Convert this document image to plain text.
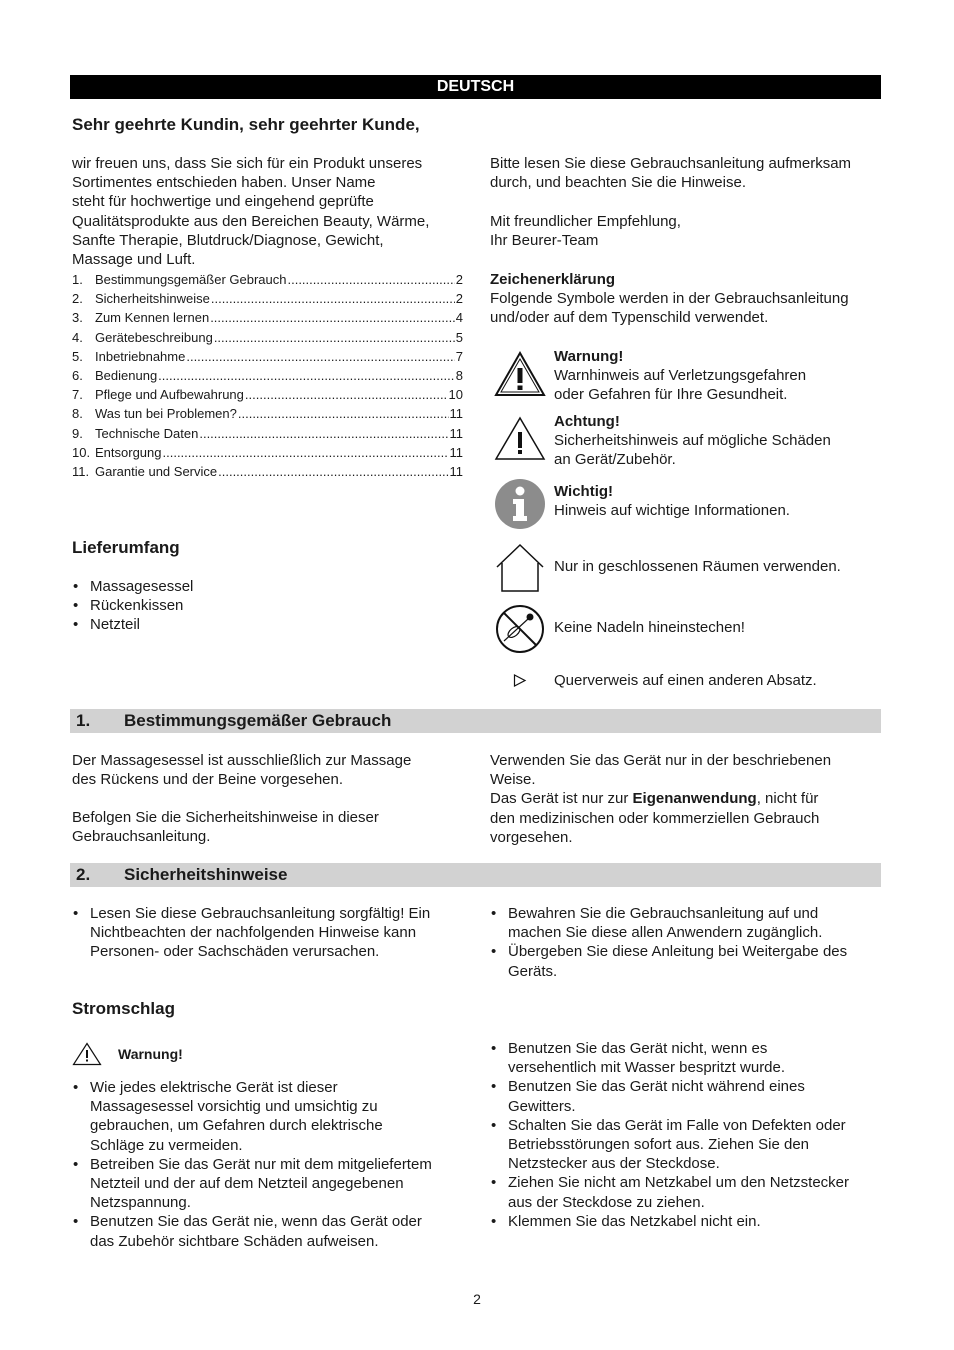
DEUTSCH
Sehr geehrte Kundin, sehr geehrter Kunde,
wir freuen uns, dass Sie sich für ein Produkt unseres
Sortimentes entschieden haben. Unser Name
steht für hochwertige und eingehend geprüfte
Qualitätsprodukte aus den Bereichen Beauty, Wärme,
Sanfte Therapie, Blutdruck/Diagnose, Gewicht,
Massage und Luft.
1. Bestimmungsgemäßer Gebrauch .....	2
2. Sicherheitshinweise .....	2
3. Zum Kennen lernen .....	4
4. Gerätebeschreibung .....	5
5. Inbetriebnahme .....	7
6. Bedienung .....	8
7. Pflege und Aufbewahrung .....	10
8. Was tun bei Problemen? .....	11
9. Technische Daten .....	11
10. Entsorgung .....	11
11. Garantie und Service .....	11
Bitte lesen Sie diese Gebrauchsanleitung aufmerksam
durch, und beachten Sie die Hinweise.
Mit freundlicher Empfehlung,
Ihr Beurer-Team
Zeichenerklärung
Folgende Symbole werden in der Gebrauchsanleitung
und/oder auf dem Typenschild verwendet.
Warnung!
Warnhinweis auf Verletzungsgefahren
oder Gefahren für Ihre Gesundheit.
Achtung!
Sicherheitshinweis auf mögliche Schäden
an Gerät/Zubehör.
Wichtig!
Hinweis auf wichtige Informationen.
Nur in geschlossenen Räumen verwenden.
Keine Nadeln hineinstechen!
Querverweis auf einen anderen Absatz.
Lieferumfang
• Massagesessel
• Rückenkissen
• Netzteil
1. Bestimmungsgemäßer Gebrauch
Der Massagesessel ist ausschließlich zur Massage
des Rückens und der Beine vorgesehen.
Befolgen Sie die Sicherheitshinweise in dieser
Gebrauchsanleitung.
Verwenden Sie das Gerät nur in der beschriebenen
Weise.
Das Gerät ist nur zur Eigenanwendung, nicht für
den medizinischen oder kommerziellen Gebrauch
vorgesehen.
2. Sicherheitshinweise
• Lesen Sie diese Gebrauchsanleitung sorgfältig! Ein
Nichtbeachten der nachfolgenden Hinweise kann
Personen- oder Sachschäden verursachen.
• Bewahren Sie die Gebrauchsanleitung auf und
machen Sie diese allen Anwendern zugänglich.
• Übergeben Sie diese Anleitung bei Weitergabe des
Geräts.
Stromschlag
Warnung!
• Wie jedes elektrische Gerät ist dieser
Massagesessel vorsichtig und umsichtig zu
gebrauchen, um Gefahren durch elektrische
Schläge zu vermeiden.
• Betreiben Sie das Gerät nur mit dem mitgeliefertem
Netzteil und der auf dem Netzteil angegebenen
Netzspannung.
• Benutzen Sie das Gerät nie, wenn das Gerät oder
das Zubehör sichtbare Schäden aufweisen.
• Benutzen Sie das Gerät nicht, wenn es
versehentlich mit Wasser bespritzt wurde.
• Benutzen Sie das Gerät nicht während eines
Gewitters.
• Schalten Sie das Gerät im Falle von Defekten oder
Betriebsstörungen sofort aus. Ziehen Sie den
Netzstecker aus der Steckdose.
• Ziehen Sie nicht am Netzkabel um den Netzstecker
aus der Steckdose zu ziehen.
• Klemmen Sie das Netzkabel nicht ein.
2
